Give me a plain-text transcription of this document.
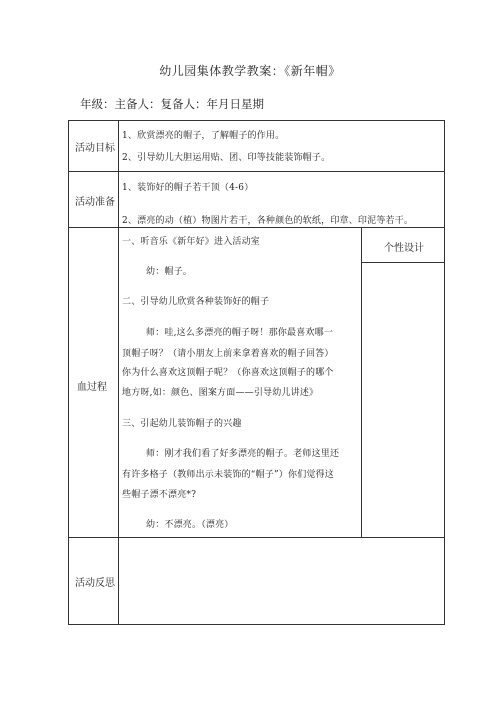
幼儿园集体教学教案：《新年帽》
年级：主备人：复备人：年月日星期
活动目标
活动准备
血过程
活动反思
1、欣赏漂亮的帽子，了解帽子的作用。
2、引导幼儿大胆运用贴、团、印等技能装饰帽子。
1、装饰好的帽子若干顶（4-6）
2、漂亮的动（植）物图片若干，各种颜色的软纸，印章、印泥等若干。
个性设计
一、听音乐《新年好》进入活动室
幼：帽子。
二、引导幼儿欣赏各种装饰好的帽子
师：哇,这么多漂亮的帽子呀！那你最喜欢哪一
顶帽子呀？（请小朋友上前来拿着喜欢的帽子回答）
你为什么喜欢这顶帽子呢？（你喜欢这顶帽子的哪个
地方呀,如：颜色、图案方面——引导幼儿讲述》
三、引起幼儿装饰帽子的兴趣
师：刚才我们看了好多漂亮的帽子。老师这里还
有许多格子（教师出示未装饰的“帽子”）你们觉得这
些帽子漂不漂亮*?
幼：不漂亮。（漂亮）
